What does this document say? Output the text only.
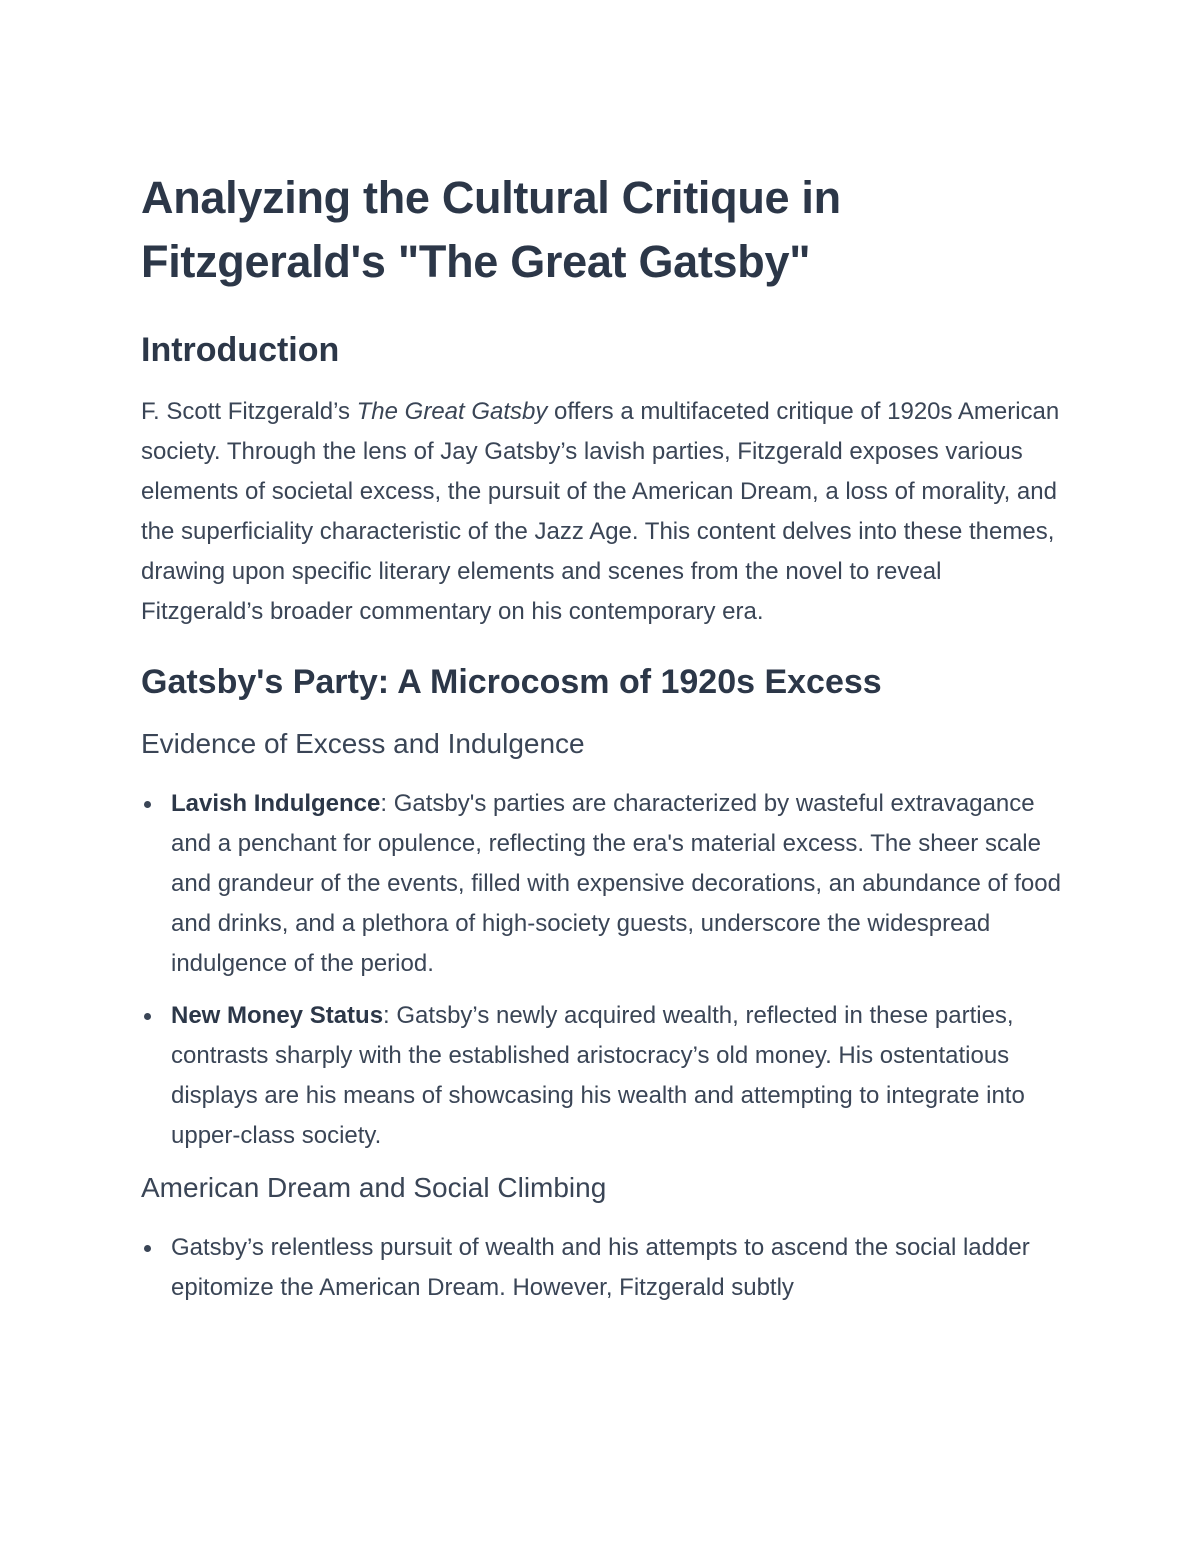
Analyzing the Cultural Critique in Fitzgerald's "The Great Gatsby"
Introduction

F. Scott Fitzgerald’s The Great Gatsby offers a multifaceted critique of 1920s American society. Through the lens of Jay Gatsby’s lavish parties, Fitzgerald exposes various elements of societal excess, the pursuit of the American Dream, a loss of morality, and the superficiality characteristic of the Jazz Age. This content delves into these themes, drawing upon specific literary elements and scenes from the novel to reveal Fitzgerald’s broader commentary on his contemporary era.

Gatsby's Party: A Microcosm of 1920s Excess
Evidence of Excess and Indulgence
Lavish Indulgence: Gatsby's parties are characterized by wasteful extravagance and a penchant for opulence, reflecting the era's material excess. The sheer scale and grandeur of the events, filled with expensive decorations, an abundance of food and drinks, and a plethora of high-society guests, underscore the widespread indulgence of the period.
New Money Status: Gatsby’s newly acquired wealth, reflected in these parties, contrasts sharply with the established aristocracy’s old money. His ostentatious displays are his means of showcasing his wealth and attempting to integrate into upper-class society.
American Dream and Social Climbing
Gatsby’s relentless pursuit of wealth and his attempts to ascend the social ladder epitomize the American Dream. However, Fitzgerald subtly
